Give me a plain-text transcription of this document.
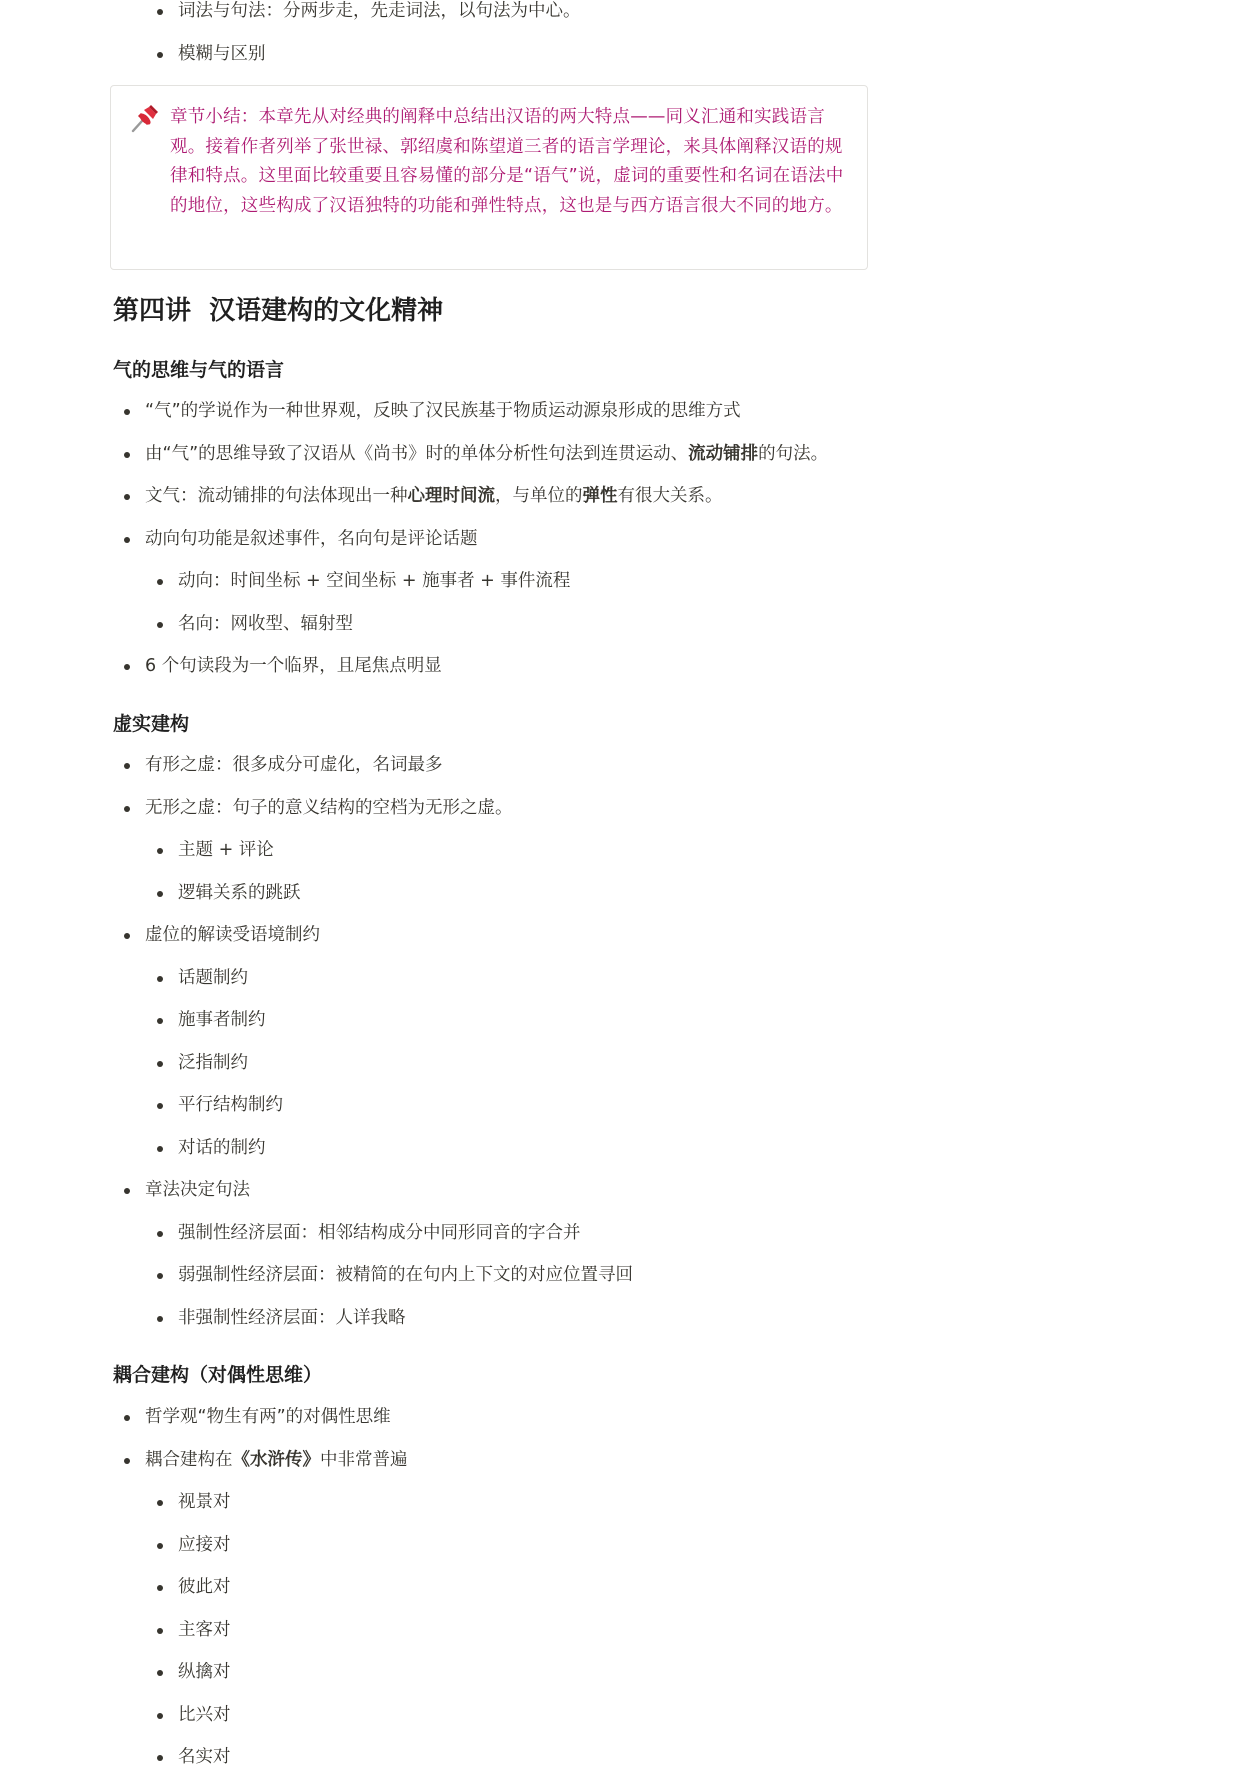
词法与句法：分两步走，先走词法，以句法为中心。
模糊与区别
章节小结：本章先从对经典的阐释中总结出汉语的两大特点——同义汇通和实践语言观。接着作者列举了张世禄、郭绍虞和陈望道三者的语言学理论，来具体阐释汉语的规律和特点。这里面比较重要且容易懂的部分是“语气”说，虚词的重要性和名词在语法中的地位，这些构成了汉语独特的功能和弹性特点，这也是与西方语言很大不同的地方。
第四讲  汉语建构的文化精神
气的思维与气的语言
“气”的学说作为一种世界观，反映了汉民族基于物质运动源泉形成的思维方式
由“气”的思维导致了汉语从《尚书》时的单体分析性句法到连贯运动、流动铺排的句法。
文气：流动铺排的句法体现出一种心理时间流，与单位的弹性有很大关系。
动向句功能是叙述事件，名向句是评论话题
动向：时间坐标 + 空间坐标 + 施事者 + 事件流程
名向：网收型、辐射型
6 个句读段为一个临界，且尾焦点明显
虚实建构
有形之虚：很多成分可虚化，名词最多
无形之虚：句子的意义结构的空档为无形之虚。
主题 + 评论
逻辑关系的跳跃
虚位的解读受语境制约
话题制约
施事者制约
泛指制约
平行结构制约
对话的制约
章法决定句法
强制性经济层面：相邻结构成分中同形同音的字合并
弱强制性经济层面：被精简的在句内上下文的对应位置寻回
非强制性经济层面：人详我略
耦合建构（对偶性思维）
哲学观“物生有两”的对偶性思维
耦合建构在《水浒传》中非常普遍
视景对
应接对
彼此对
主客对
纵擒对
比兴对
名实对
